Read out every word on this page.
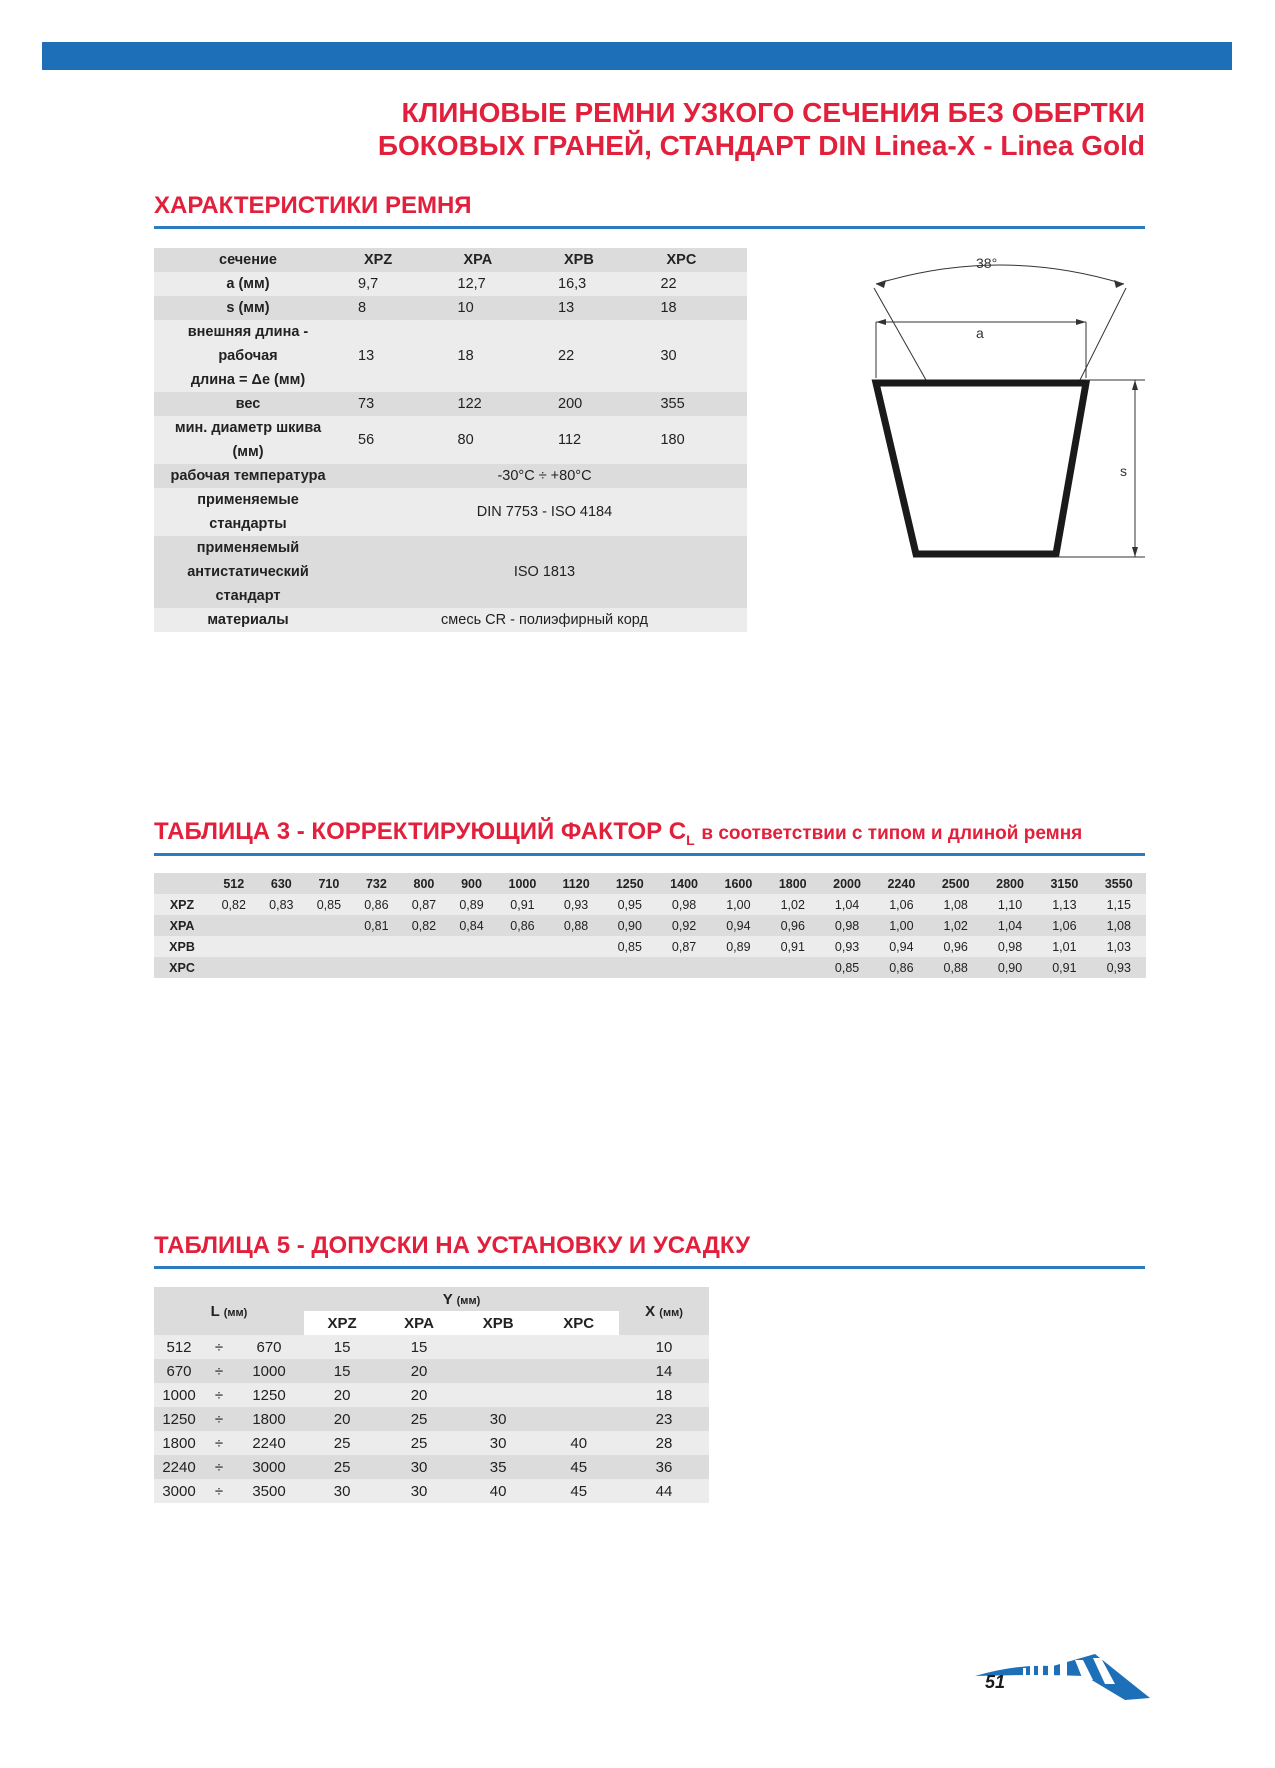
КЛИНОВЫЕ РЕМНИ УЗКОГО СЕЧЕНИЯ БЕЗ ОБЕРТКИ
БОКОВЫХ ГРАНЕЙ, СТАНДАРТ DIN Linea-X - Linea Gold
ХАРАКТЕРИСТИКИ РЕМНЯ
сечение	XPZ	XPA	XPB	XPC
a (мм)	9,7	12,7	16,3	22
s (мм)	8	10	13	18

внешняя длина -
рабочая
длина = Δe (мм)	13	18	22	30
вес	73	122	200	355

мин. диаметр шкива
(мм)	56	80	112	180
рабочая температура	-30°C ÷ +80°C			

применяемые
стандарты	DIN 7753 - ISO 4184			

применяемый
антистатический
стандарт	ISO 1813			
материалы	смесь CR - полиэфирный корд			
38°
a
s
ТАБЛИЦА 3 - КОРРЕКТИРУЮЩИЙ ФАКТОР $C_L$ в соответствии с типом и длиной ремня
	512	630	710	732	800	900	1000	1120	1250	1400	1600	1800	2000	2240	2500	2800	3150	3550
XPZ	0,82	0,83	0,85	0,86	0,87	0,89	0,91	0,93	0,95	0,98	1,00	1,02	1,04	1,06	1,08	1,10	1,13	1,15
XPA				0,81	0,82	0,84	0,86	0,88	0,90	0,92	0,94	0,96	0,98	1,00	1,02	1,04	1,06	1,08
XPB									0,85	0,87	0,89	0,91	0,93	0,94	0,96	0,98	1,01	1,03
XPC													0,85	0,86	0,88	0,90	0,91	0,93
ТАБЛИЦА 5 - ДОПУСКИ НА УСТАНОВКУ И УСАДКУ
L (мм)			Y (мм)				X (мм)
			XPZ	XPA	XPB	XPC	
512	÷	670	15	15			10
670	÷	1000	15	20			14
1000	÷	1250	20	20			18
1250	÷	1800	20	25	30		23
1800	÷	2240	25	25	30	40	28
2240	÷	3000	25	30	35	45	36
3000	÷	3500	30	30	40	45	44
51
